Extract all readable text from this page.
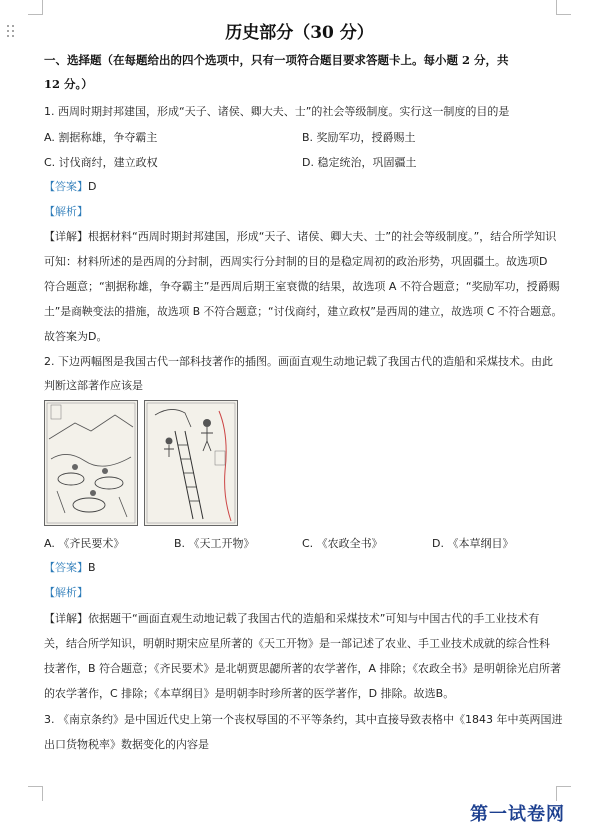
历史部分（30 分）
一、选择题（在每题给出的四个选项中，只有一项符合题目要求答题卡上。每小题 2 分，共
12 分。）
1. 西周时期封邦建国，形成“天子、诸侯、卿大夫、士”的社会等级制度。实行这一制度的目的是
A. 割据称雄，争夺霸主	B. 奖励军功，授爵赐土
C. 讨伐商纣，建立政权	D. 稳定统治，巩固疆土
【答案】D
【解析】
【详解】根据材料“西周时期封邦建国，形成“天子、诸侯、卿大夫、士”的社会等级制度。”，结合所学知识
可知：材料所述的是西周的分封制，西周实行分封制的目的是稳定周初的政治形势，巩固疆土。故选项D
符合题意；“割据称雄，争夺霸主”是西周后期王室衰微的结果，故选项 A 不符合题意；“奖励军功，授爵赐
土”是商鞅变法的措施，故选项 B 不符合题意；“讨伐商纣，建立政权”是西周的建立，故选项 C 不符合题意。
故答案为D。
2. 下边两幅图是我国古代一部科技著作的插图。画面直观生动地记载了我国古代的造船和采煤技术。由此
判断这部著作应该是
A. 《齐民要术》	B. 《天工开物》	C. 《农政全书》	D. 《本草纲目》
【答案】B
【解析】
【详解】依据题干“画面直观生动地记载了我国古代的造船和采煤技术”可知与中国古代的手工业技术有
关，结合所学知识，明朝时期宋应星所著的《天工开物》是一部记述了农业、手工业技术成就的综合性科
技著作，B 符合题意；《齐民要术》是北朝贾思勰所著的农学著作，A 排除；《农政全书》是明朝徐光启所著
的农学著作，C 排除；《本草纲目》是明朝李时珍所著的医学著作，D 排除。故选B。
3. 《南京条约》是中国近代史上第一个丧权辱国的不平等条约，其中直接导致表格中《1843 年中英两国进
出口货物税率》数据变化的内容是
第一试卷网
